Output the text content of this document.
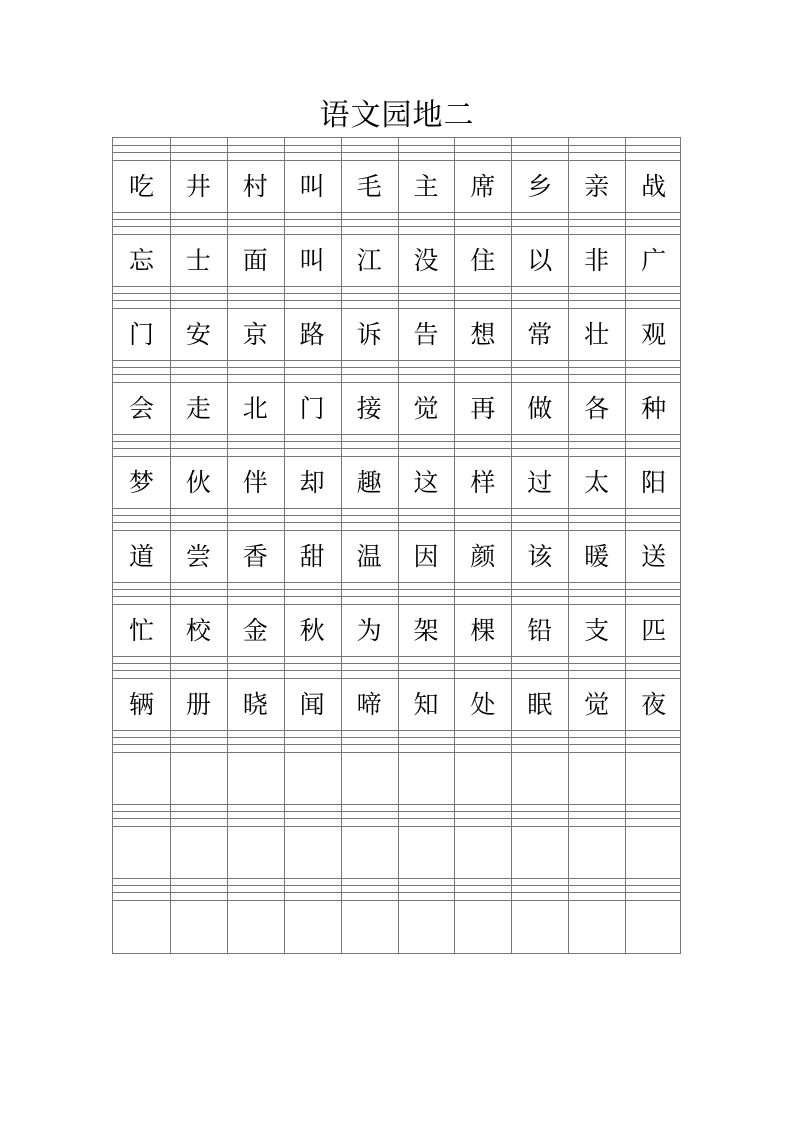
语文园地二
吃	井	村	叫	毛	主	席	乡	亲	战
忘	士	面	叫	江	没	住	以	非	广
门	安	京	路	诉	告	想	常	壮	观
会	走	北	门	接	觉	再	做	各	种
梦	伙	伴	却	趣	这	样	过	太	阳
道	尝	香	甜	温	因	颜	该	暖	送
忙	校	金	秋	为	架	棵	铅	支	匹
辆	册	晓	闻	啼	知	处	眠	觉	夜
